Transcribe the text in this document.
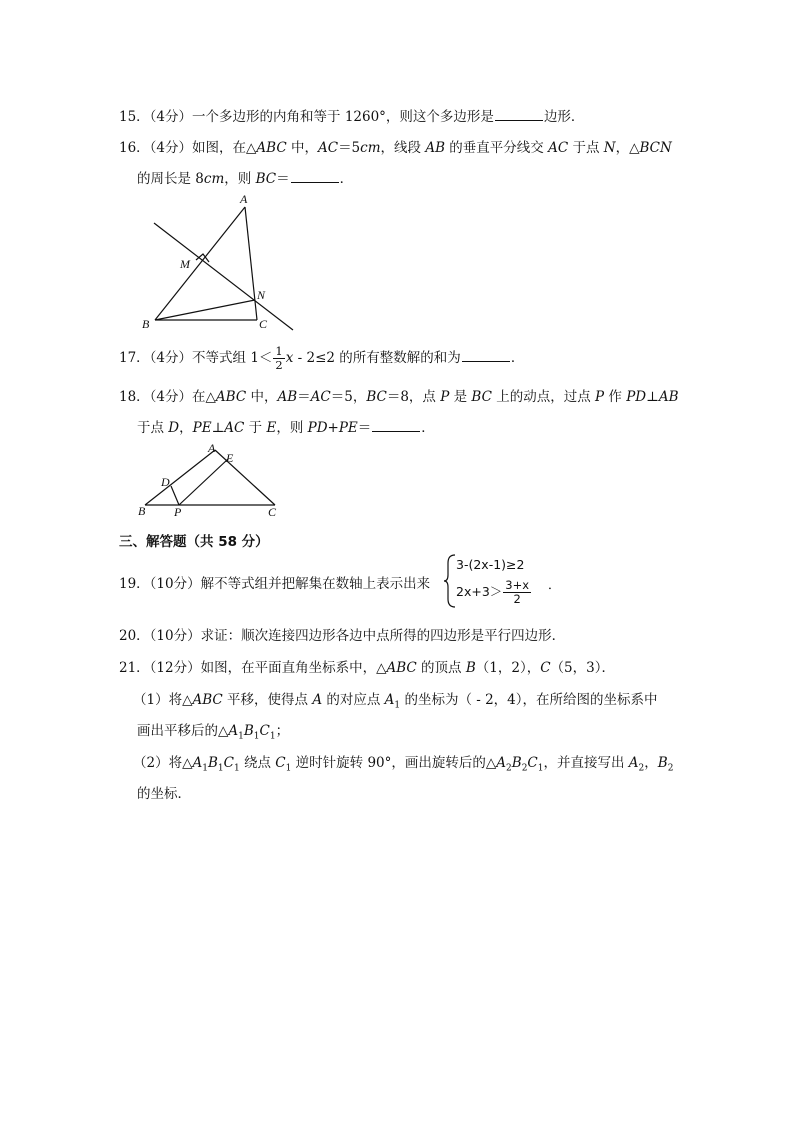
15．（4分）一个多边形的内角和等于 1260°，则这个多边形是	边形．
16．（4分）如图，在△ABC 中，AC＝5cm，线段 AB 的垂直平分线交 AC 于点 N，△BCN
的周长是 8cm，则 BC＝	．
A
M
N
B	C
17．（4分）不等式组 $1< \frac{1}{2}$ x - 2≤2 的所有整数解的和为	．
18．（4分）在△ABC 中，AB＝AC＝5，BC＝8，点 P 是 BC 上的动点，过点 P 作 PD⊥AB
于点 D，PE⊥AC 于 E，则 PD+PE＝	．
A
E
D
B P	C
三、解答题（共 58 分）
19．（10分）解不等式组并把解集在数轴上表示出来
3-(2x-1)≥2
$2x+3> \frac{3+x}{2}$ ．
20．（10分）求证：顺次连接四边形各边中点所得的四边形是平行四边形．
21．（12分）如图，在平面直角坐标系中，△ABC 的顶点 B（1，2），C（5，3）．
（1）将△ABC 平移，使得点 A 的对应点 $A_1$ 的坐标为（ - 2，4），在所给图的坐标系中
画出平移后的$\triangle A_1B_1C_1$；
（2）将$\triangle A_1B_1C_1$ 绕点 $C_1$ 逆时针旋转 90°，画出旋转后的$\triangle A_2B_2C_1$，并直接写出 $A_2$，$B_2$
的坐标．
